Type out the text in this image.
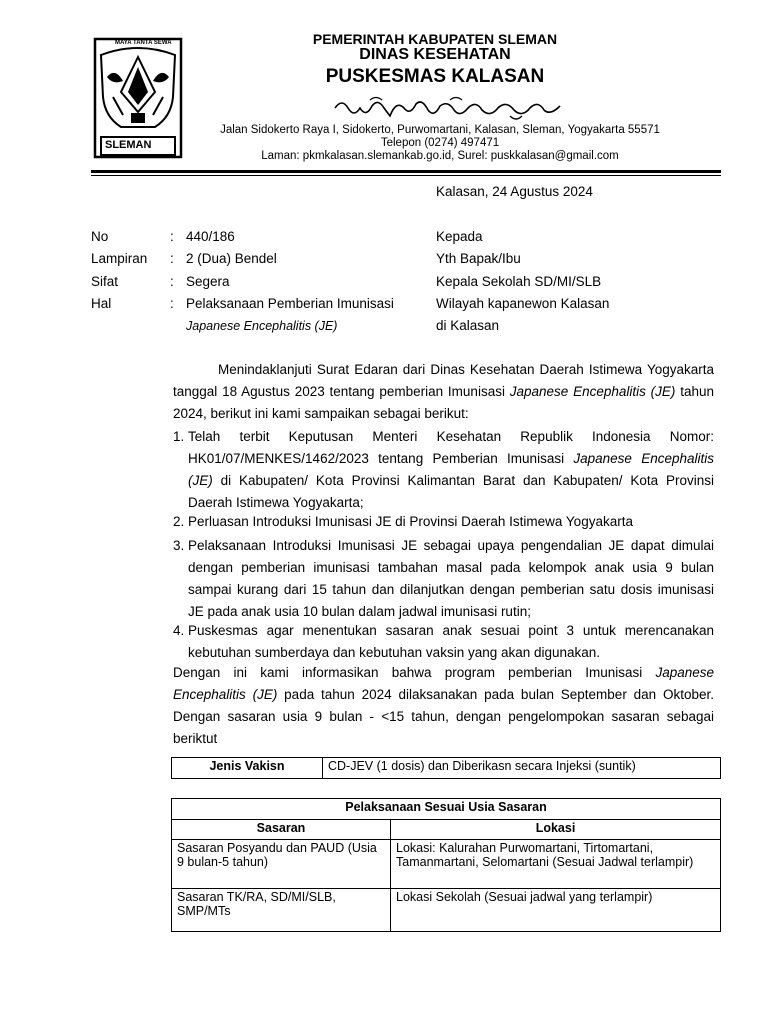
MAYA TANTA SEWA
SLEMAN
PEMERINTAH KABUPATEN SLEMAN
DINAS KESEHATAN
PUSKESMAS KALASAN
Jalan Sidokerto Raya I, Sidokerto, Purwomartani, Kalasan, Sleman, Yogyakarta 55571
Telepon (0274) 497471
Laman: pkmkalasan.slemankab.go.id, Surel: puskkalasan@gmail.com
Kalasan, 24 Agustus 2024
No	: 440/186
Lampiran : 2 (Dua) Bendel
Sifat	: Segera
Hal	: Pelaksanaan Pemberian Imunisasi
Japanese Encephalitis (JE)
Kepada
Yth Bapak/Ibu
Kepala Sekolah SD/MI/SLB
Wilayah kapanewon Kalasan
di Kalasan
Menindaklanjuti Surat Edaran dari Dinas Kesehatan Daerah Istimewa Yogyakarta tanggal 18 Agustus 2023 tentang pemberian Imunisasi Japanese Encephalitis (JE) tahun 2024, berikut ini kami sampaikan sebagai berikut:
1. Telah terbit Keputusan Menteri Kesehatan Republik Indonesia Nomor: HK01/07/MENKES/1462/2023 tentang Pemberian Imunisasi Japanese Encephalitis (JE) di Kabupaten/ Kota Provinsi Kalimantan Barat dan Kabupaten/ Kota Provinsi Daerah Istimewa Yogyakarta;
2. Perluasan Introduksi Imunisasi JE di Provinsi Daerah Istimewa Yogyakarta
3. Pelaksanaan Introduksi Imunisasi JE sebagai upaya pengendalian JE dapat dimulai dengan pemberian imunisasi tambahan masal pada kelompok anak usia 9 bulan sampai kurang dari 15 tahun dan dilanjutkan dengan pemberian satu dosis imunisasi JE pada anak usia 10 bulan dalam jadwal imunisasi rutin;
4. Puskesmas agar menentukan sasaran anak sesuai point 3 untuk merencanakan kebutuhan sumberdaya dan kebutuhan vaksin yang akan digunakan.
Dengan ini kami informasikan bahwa program pemberian Imunisasi Japanese Encephalitis (JE) pada tahun 2024 dilaksanakan pada bulan September dan Oktober. Dengan sasaran usia 9 bulan - <15 tahun, dengan pengelompokan sasaran sebagai beriktut
Jenis Vakisn	CD-JEV (1 dosis) dan Diberikasn secara Injeksi (suntik)
Pelaksanaan Sesuai Usia Sasaran	
Sasaran	Lokasi
Sasaran Posyandu dan PAUD (Usia 9 bulan-5 tahun)	Lokasi: Kalurahan Purwomartani, Tirtomartani, Tamanmartani, Selomartani (Sesuai Jadwal terlampir)
Sasaran TK/RA, SD/MI/SLB, SMP/MTs	Lokasi Sekolah (Sesuai jadwal yang terlampir)
